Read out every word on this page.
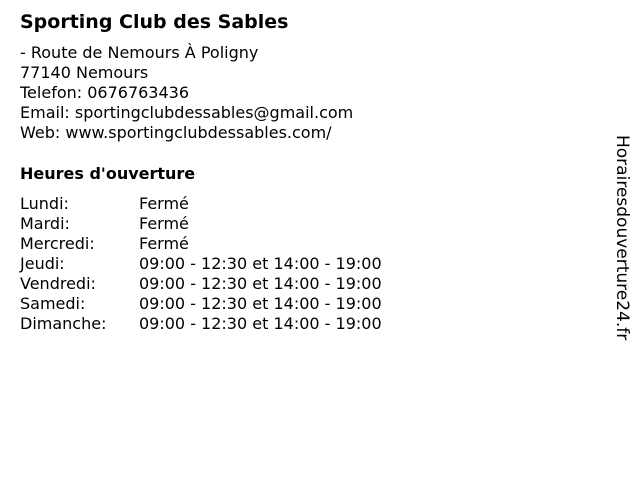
Sporting Club des Sables
- Route de Nemours À Poligny
77140 Nemours
Telefon: 0676763436
Email: sportingclubdessables@gmail.com
Web: www.sportingclubdessables.com/
Heures d'ouverture
Lundi:	Fermé
Mardi:	Fermé
Mercredi:	Fermé
Jeudi:	09:00 - 12:30 et 14:00 - 19:00
Vendredi:	09:00 - 12:30 et 14:00 - 19:00
Samedi:	09:00 - 12:30 et 14:00 - 19:00
Dimanche: 09:00 - 12:30 et 14:00 - 19:00	Horairesdouverture24.fr
